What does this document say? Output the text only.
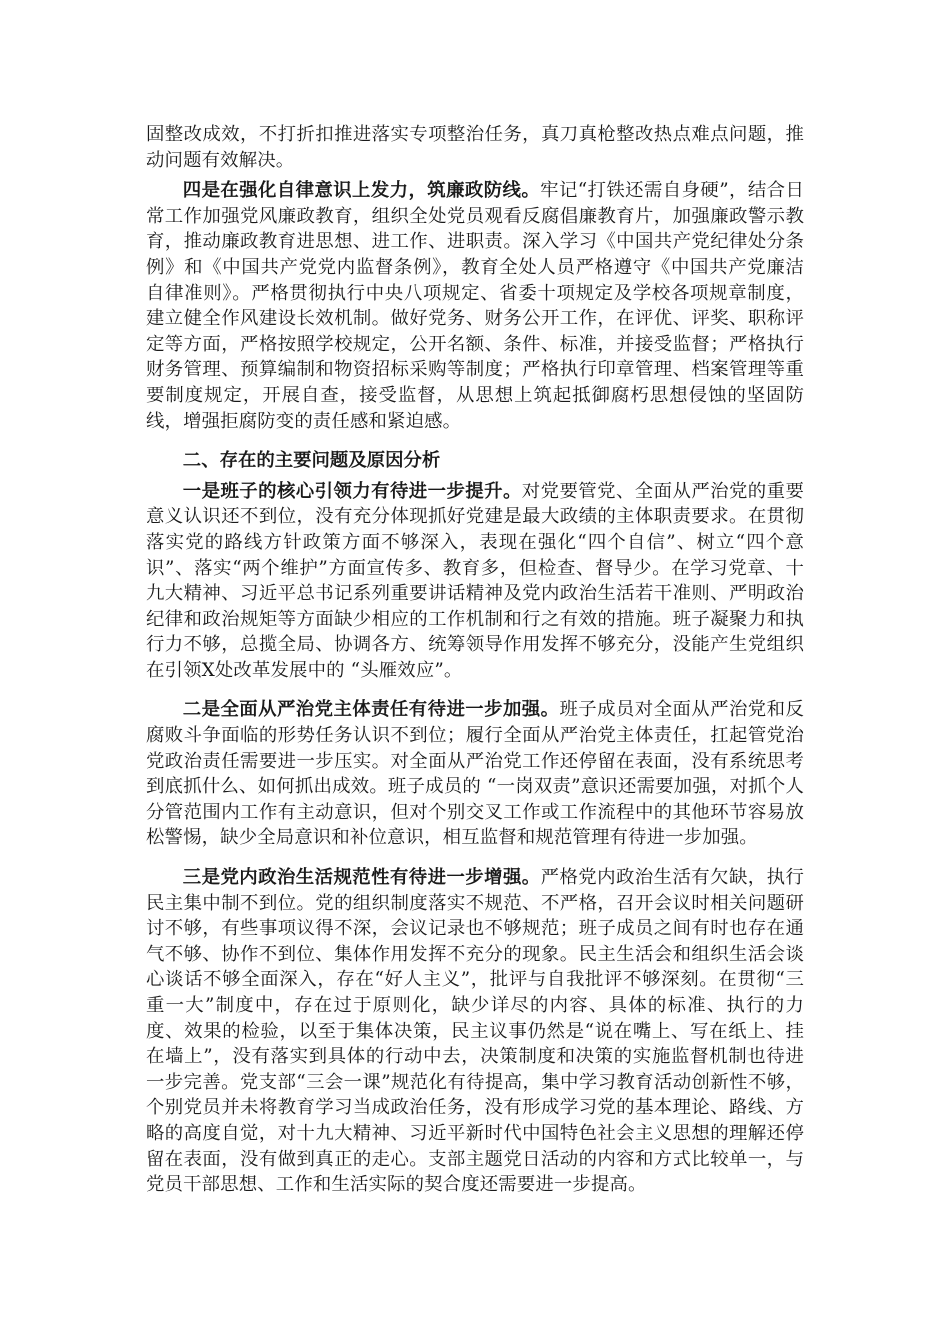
固整改成效，不打折扣推进落实专项整治任务，真刀真枪整改热点难点问题，推动问题有效解决。

四是在强化自律意识上发力，筑廉政防线。牢记“打铁还需自身硬”，结合日常工作加强党风廉政教育，组织全处党员观看反腐倡廉教育片，加强廉政警示教育，推动廉政教育进思想、进工作、进职责。深入学习《中国共产党纪律处分条例》和《中国共产党党内监督条例》，教育全处人员严格遵守《中国共产党廉洁自律准则》。严格贯彻执行中央八项规定、省委十项规定及学校各项规章制度，建立健全作风建设长效机制。做好党务、财务公开工作，在评优、评奖、职称评定等方面，严格按照学校规定，公开名额、条件、标准，并接受监督；严格执行财务管理、预算编制和物资招标采购等制度；严格执行印章管理、档案管理等重要制度规定，开展自查，接受监督，从思想上筑起抵御腐朽思想侵蚀的坚固防线，增强拒腐防变的责任感和紧迫感。

二、存在的主要问题及原因分析

一是班子的核心引领力有待进一步提升。对党要管党、全面从严治党的重要意义认识还不到位，没有充分体现抓好党建是最大政绩的主体职责要求。在贯彻落实党的路线方针政策方面不够深入，表现在强化“四个自信”、树立“四个意识”、落实“两个维护”方面宣传多、教育多，但检查、督导少。在学习党章、十九大精神、习近平总书记系列重要讲话精神及党内政治生活若干准则、严明政治纪律和政治规矩等方面缺少相应的工作机制和行之有效的措施。班子凝聚力和执行力不够，总揽全局、协调各方、统筹领导作用发挥不够充分，没能产生党组织在引领X处改革发展中的 “头雁效应”。

二是全面从严治党主体责任有待进一步加强。班子成员对全面从严治党和反腐败斗争面临的形势任务认识不到位；履行全面从严治党主体责任，扛起管党治党政治责任需要进一步压实。对全面从严治党工作还停留在表面，没有系统思考到底抓什么、如何抓出成效。班子成员的 “一岗双责”意识还需要加强，对抓个人分管范围内工作有主动意识，但对个别交叉工作或工作流程中的其他环节容易放松警惕，缺少全局意识和补位意识，相互监督和规范管理有待进一步加强。

三是党内政治生活规范性有待进一步增强。严格党内政治生活有欠缺，执行民主集中制不到位。党的组织制度落实不规范、不严格，召开会议时相关问题研讨不够，有些事项议得不深，会议记录也不够规范；班子成员之间有时也存在通气不够、协作不到位、集体作用发挥不充分的现象。民主生活会和组织生活会谈心谈话不够全面深入，存在“好人主义”，批评与自我批评不够深刻。在贯彻“三重一大”制度中，存在过于原则化，缺少详尽的内容、具体的标准、执行的力度、效果的检验，以至于集体决策，民主议事仍然是“说在嘴上、写在纸上、挂在墙上”，没有落实到具体的行动中去，决策制度和决策的实施监督机制也待进一步完善。党支部“三会一课”规范化有待提高，集中学习教育活动创新性不够，个别党员并未将教育学习当成政治任务，没有形成学习党的基本理论、路线、方略的高度自觉，对十九大精神、习近平新时代中国特色社会主义思想的理解还停留在表面，没有做到真正的走心。支部主题党日活动的内容和方式比较单一，与党员干部思想、工作和生活实际的契合度还需要进一步提高。
